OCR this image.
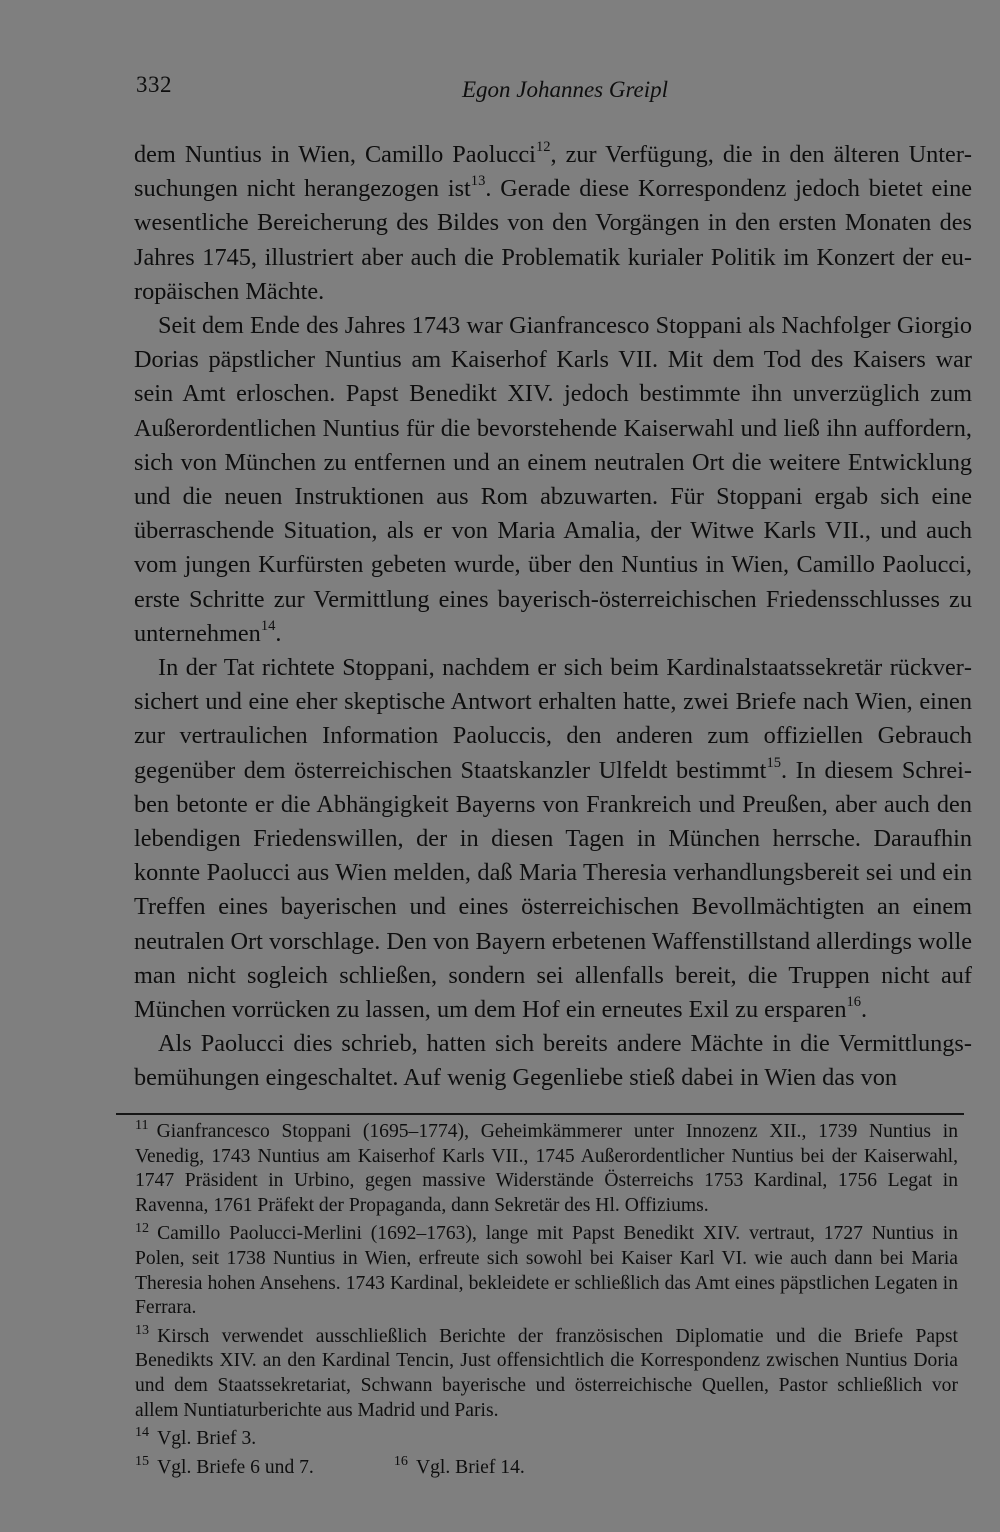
332	Egon Johannes Greipl

dem Nuntius in Wien, Camillo Paolucci$^{12}$, zur Verfügung, die in den älteren Untersuchungen nicht herangezogen ist$^{13}$. Gerade diese Korrespondenz jedoch bietet eine wesentliche Bereicherung des Bildes von den Vorgängen in den ersten Monaten des Jahres 1745, illustriert aber auch die Problematik kurialer Politik im Konzert der europäischen Mächte.

Seit dem Ende des Jahres 1743 war Gianfrancesco Stoppani als Nachfolger Giorgio Dorias päpstlicher Nuntius am Kaiserhof Karls VII. Mit dem Tod des Kaisers war sein Amt erloschen. Papst Benedikt XIV. jedoch bestimmte ihn unverzüglich zum Außerordentlichen Nuntius für die bevorstehende Kaiserwahl und ließ ihn auffordern, sich von München zu entfernen und an einem neutralen Ort die weitere Entwicklung und die neuen Instruktionen aus Rom abzuwarten. Für Stoppani ergab sich eine überraschende Situation, als er von Maria Amalia, der Witwe Karls VII., und auch vom jungen Kurfürsten gebeten wurde, über den Nuntius in Wien, Camillo Paolucci, erste Schritte zur Vermittlung eines bayerisch-österreichischen Friedensschlusses zu unternehmen$^{14}$.

In der Tat richtete Stoppani, nachdem er sich beim Kardinalstaatssekretär rückversichert und eine eher skeptische Antwort erhalten hatte, zwei Briefe nach Wien, einen zur vertraulichen Information Paoluccis, den anderen zum offiziellen Gebrauch gegenüber dem österreichischen Staatskanzler Ulfeldt bestimmt$^{15}$. In diesem Schreiben betonte er die Abhängigkeit Bayerns von Frankreich und Preußen, aber auch den lebendigen Friedenswillen, der in diesen Tagen in München herrsche. Daraufhin konnte Paolucci aus Wien melden, daß Maria Theresia verhandlungsbereit sei und ein Treffen eines bayerischen und eines österreichischen Bevollmächtigten an einem neutralen Ort vorschlage. Den von Bayern erbetenen Waffenstillstand allerdings wolle man nicht sogleich schließen, sondern sei allenfalls bereit, die Truppen nicht auf München vorrücken zu lassen, um dem Hof ein erneutes Exil zu ersparen$^{16}$.

Als Paolucci dies schrieb, hatten sich bereits andere Mächte in die Vermittlungsbemühungen eingeschaltet. Auf wenig Gegenliebe stieß dabei in Wien das von

$^{11}$ Gianfrancesco Stoppani (1695–1774), Geheimkämmerer unter Innozenz XII., 1739 Nuntius in Venedig, 1743 Nuntius am Kaiserhof Karls VII., 1745 Außerordentlicher Nuntius bei der Kaiserwahl, 1747 Präsident in Urbino, gegen massive Widerstände Österreichs 1753 Kardinal, 1756 Legat in Ravenna, 1761 Präfekt der Propaganda, dann Sekretär des Hl. Offiziums.

$^{12}$ Camillo Paolucci-Merlini (1692–1763), lange mit Papst Benedikt XIV. vertraut, 1727 Nuntius in Polen, seit 1738 Nuntius in Wien, erfreute sich sowohl bei Kaiser Karl VI. wie auch dann bei Maria Theresia hohen Ansehens. 1743 Kardinal, bekleidete er schließlich das Amt eines päpstlichen Legaten in Ferrara.

$^{13}$ Kirsch verwendet ausschließlich Berichte der französischen Diplomatie und die Briefe Papst Benedikts XIV. an den Kardinal Tencin, Just offensichtlich die Korrespondenz zwischen Nuntius Doria und dem Staatssekretariat, Schwann bayerische und österreichische Quellen, Pastor schließlich vor allem Nuntiaturberichte aus Madrid und Paris.

$^{14}$ Vgl. Brief 3.

$^{15}$ Vgl. Briefe 6 und 7.	$^{16}$ Vgl. Brief 14.
